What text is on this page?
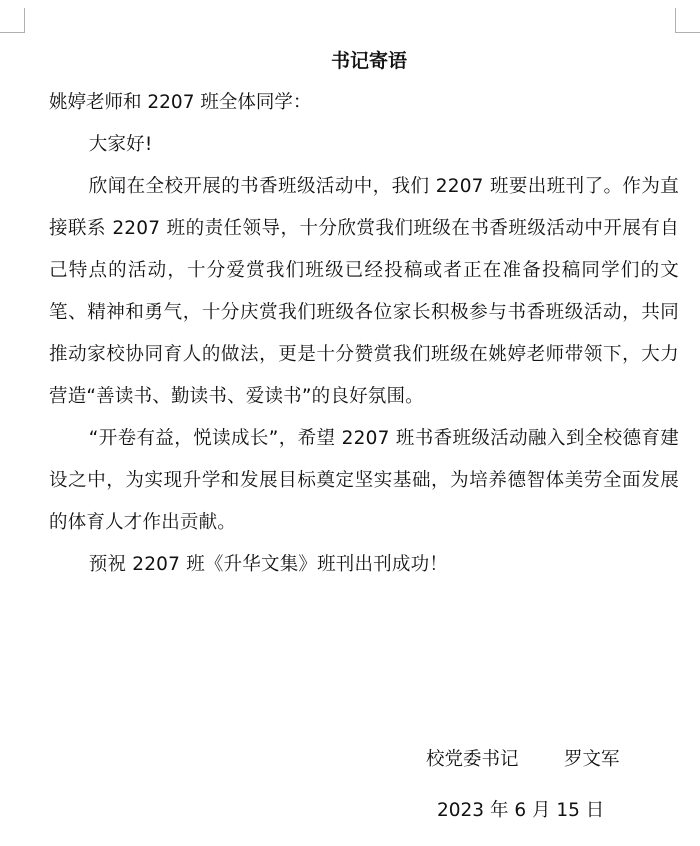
书记寄语

姚婷老师和 2207 班全体同学：

大家好!

欣闻在全校开展的书香班级活动中，我们 2207 班要出班刊了。作为直接联系 2207 班的责任领导，十分欣赏我们班级在书香班级活动中开展有自己特点的活动，十分爱赏我们班级已经投稿或者正在准备投稿同学们的文笔、精神和勇气，十分庆赏我们班级各位家长积极参与书香班级活动，共同推动家校协同育人的做法，更是十分赞赏我们班级在姚婷老师带领下，大力营造“善读书、勤读书、爱读书”的良好氛围。

“开卷有益，悦读成长”，希望 2207 班书香班级活动融入到全校德育建设之中，为实现升学和发展目标奠定坚实基础，为培养德智体美劳全面发展的体育人才作出贡献。

预祝 2207 班《升华文集》班刊出刊成功！

校党委书记 罗文军
2023 年 6 月 15 日
